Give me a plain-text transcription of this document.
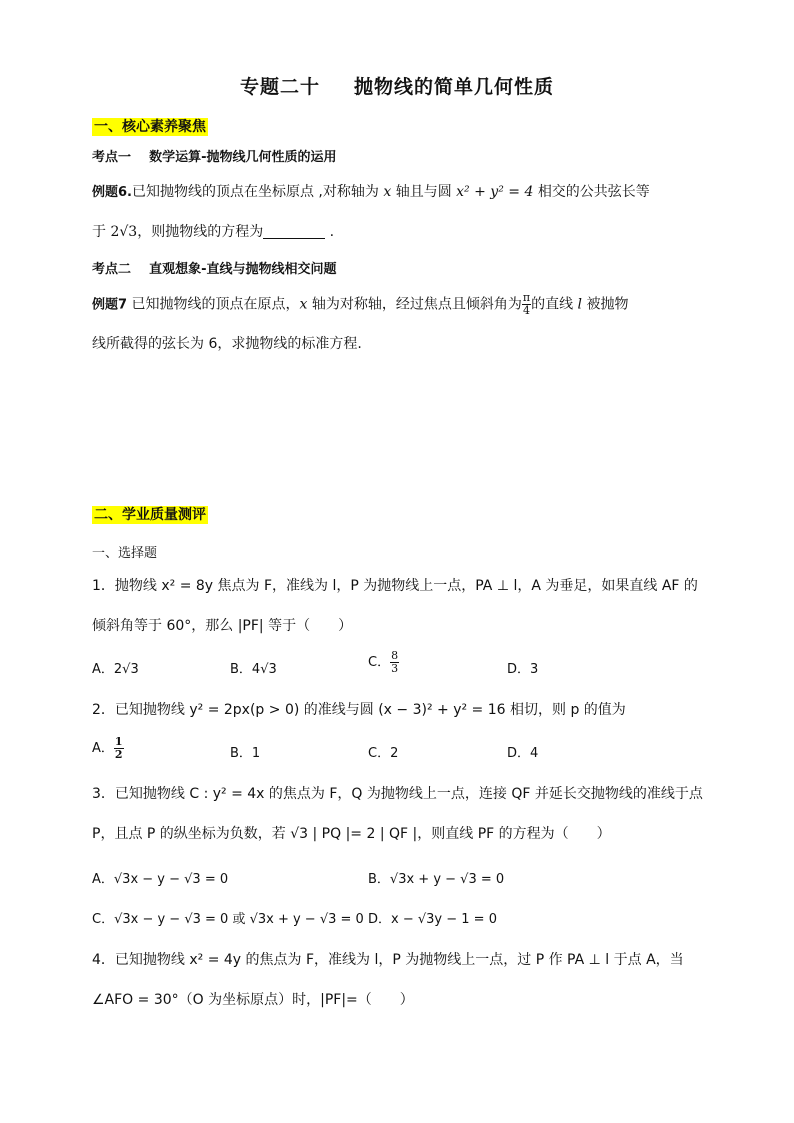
专题二十 抛物线的简单几何性质
一、核心素养聚焦
考点一 数学运算-抛物线几何性质的运用
例题6.已知抛物线的顶点在坐标原点 ,对称轴为 x 轴且与圆 x² + y² = 4 相交的公共弦长等
于 2√3，则抛物线的方程为	.
考点二 直观想象-直线与抛物线相交问题
例题7 已知抛物线的顶点在原点，x 轴为对称轴，经过焦点且倾斜角为 $\frac{\pi}{4}$ 的直线 l 被抛物
线所截得的弦长为 6，求抛物线的标准方程.
二、学业质量测评
一、选择题
1．抛物线 x² = 8y 焦点为 F，准线为 l，P 为抛物线上一点，PA ⊥ l，A 为垂足，如果直线 AF 的
倾斜角等于 60°，那么 |PF| 等于（　　）
A．2√3	B．4√3	C． $\frac{8}{3}$	D．3
2．已知抛物线 y² = 2px(p > 0) 的准线与圆 (x − 3)² + y² = 16 相切，则 p 的值为
A． $\frac{1}{2}$	B．1	C．2	D．4
3．已知抛物线 C : y² = 4x 的焦点为 F，Q 为抛物线上一点，连接 QF 并延长交抛物线的准线于点
P，且点 P 的纵坐标为负数，若 √3 | PQ |= 2 | QF |，则直线 PF 的方程为（　　）
A．√3x − y − √3 = 0	B．√3x + y − √3 = 0
C．√3x − y − √3 = 0 或 √3x + y − √3 = 0 D．x − √3y − 1 = 0
4．已知抛物线 x² = 4y 的焦点为 F，准线为 l，P 为抛物线上一点，过 P 作 PA ⊥ l 于点 A，当
∠AFO = 30°（O 为坐标原点）时，|PF|=（　　）
